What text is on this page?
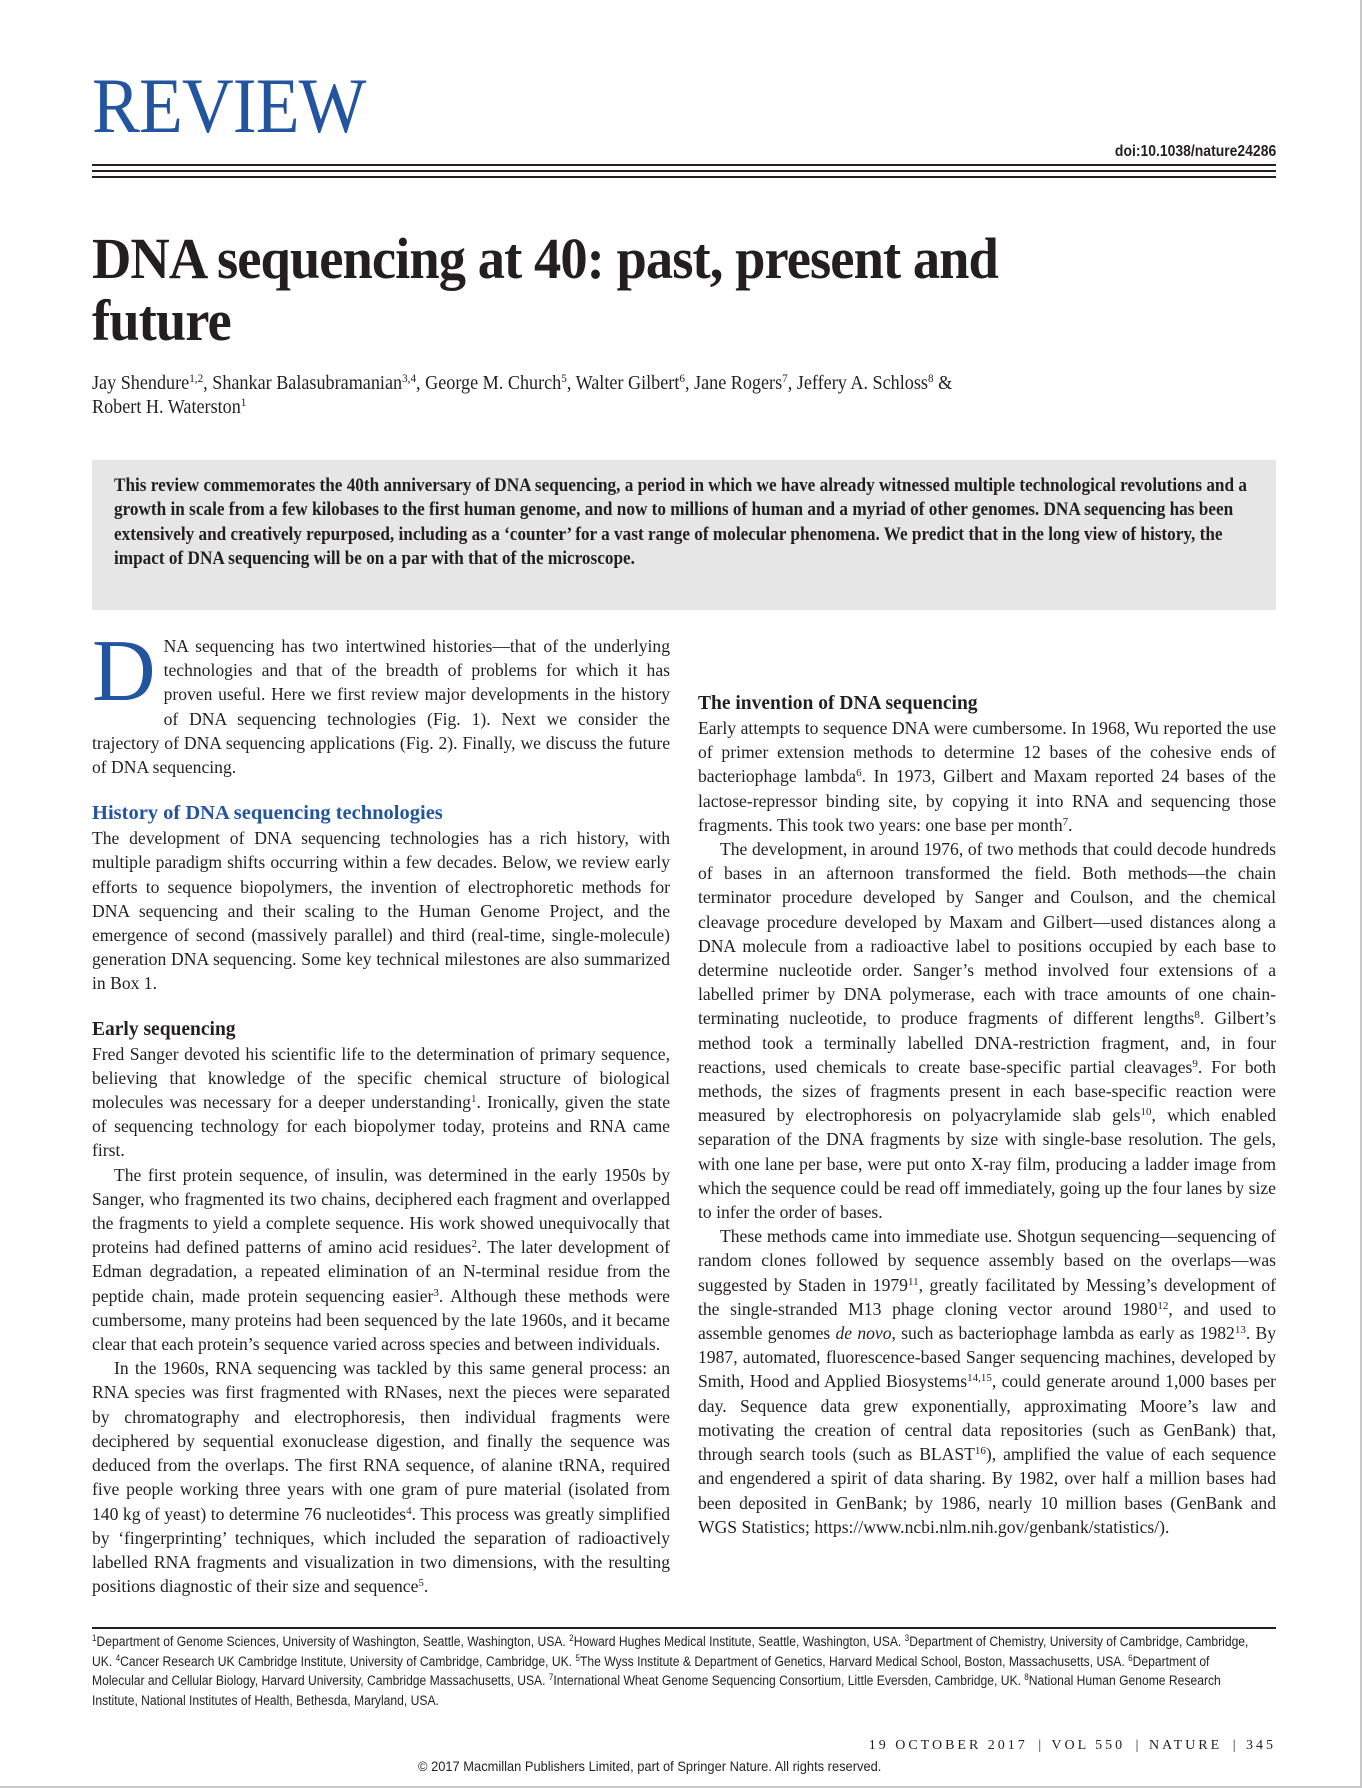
REVIEW
doi:10.1038/nature24286
DNA sequencing at 40: past, present and future
Jay Shendure$^{1,2}$, Shankar Balasubramanian$^{3,4}$, George M. Church$^5$, Walter Gilbert$^6$, Jane Rogers$^7$, Jeffery A. Schloss$^8$ &
Robert H. Waterston$^1$

This review commemorates the 40th anniversary of DNA sequencing, a period in which we have already witnessed multiple technological revolutions and a growth in scale from a few kilobases to the first human genome, and now to millions of human and a myriad of other genomes. DNA sequencing has been extensively and creatively repurposed, including as a ‘counter’ for a vast range of molecular phenomena. We predict that in the long view of history, the impact of DNA sequencing will be on a par with that of the microscope.

DNA sequencing has two intertwined histories—that of the underlying technologies and that of the breadth of problems for which it has proven useful. Here we first review major developments in the history of DNA sequencing technologies (Fig. 1). Next we consider the trajectory of DNA sequencing applications (Fig. 2). Finally, we discuss the future of DNA sequencing.

History of DNA sequencing technologies

The development of DNA sequencing technologies has a rich history, with multiple paradigm shifts occurring within a few decades. Below, we review early efforts to sequence biopolymers, the invention of electrophoretic methods for DNA sequencing and their scaling to the Human Genome Project, and the emergence of second (massively parallel) and third (real-time, single-molecule) generation DNA sequencing. Some key technical milestones are also summarized in Box 1.

Early sequencing

Fred Sanger devoted his scientific life to the determination of primary sequence, believing that knowledge of the specific chemical structure of biological molecules was necessary for a deeper understanding$^1$. Ironically, given the state of sequencing technology for each biopolymer today, proteins and RNA came first.

The first protein sequence, of insulin, was determined in the early 1950s by Sanger, who fragmented its two chains, deciphered each fragment and overlapped the fragments to yield a complete sequence. His work showed unequivocally that proteins had defined patterns of amino acid residues$^2$. The later development of Edman degradation, a repeated elimination of an N-terminal residue from the peptide chain, made protein sequencing easier$^3$. Although these methods were cumbersome, many proteins had been sequenced by the late 1960s, and it became clear that each protein’s sequence varied across species and between individuals.

In the 1960s, RNA sequencing was tackled by this same general process: an RNA species was first fragmented with RNases, next the pieces were separated by chromatography and electrophoresis, then individual fragments were deciphered by sequential exonuclease digestion, and finally the sequence was deduced from the overlaps. The first RNA sequence, of alanine tRNA, required five people working three years with one gram of pure material (isolated from 140 kg of yeast) to determine 76 nucleotides$^4$. This process was greatly simplified by ‘fingerprinting’ techniques, which included the separation of radioactively labelled RNA fragments and visualization in two dimensions, with the resulting positions diagnostic of their size and sequence$^5$.

The invention of DNA sequencing

Early attempts to sequence DNA were cumbersome. In 1968, Wu reported the use of primer extension methods to determine 12 bases of the cohesive ends of bacteriophage lambda$^6$. In 1973, Gilbert and Maxam reported 24 bases of the lactose-repressor binding site, by copying it into RNA and sequencing those fragments. This took two years: one base per month$^7$.

The development, in around 1976, of two methods that could decode hundreds of bases in an afternoon transformed the field. Both methods—the chain terminator procedure developed by Sanger and Coulson, and the chemical cleavage procedure developed by Maxam and Gilbert—used distances along a DNA molecule from a radioactive label to positions occupied by each base to determine nucleotide order. Sanger’s method involved four extensions of a labelled primer by DNA polymerase, each with trace amounts of one chain-terminating nucleotide, to produce fragments of different lengths$^8$. Gilbert’s method took a terminally labelled DNA-restriction fragment, and, in four reactions, used chemicals to create base-specific partial cleavages$^9$. For both methods, the sizes of fragments present in each base-specific reaction were measured by electrophoresis on polyacrylamide slab gels$^{10}$, which enabled separation of the DNA fragments by size with single-base resolution. The gels, with one lane per base, were put onto X-ray film, producing a ladder image from which the sequence could be read off immediately, going up the four lanes by size to infer the order of bases.

These methods came into immediate use. Shotgun sequencing—sequencing of random clones followed by sequence assembly based on the overlaps—was suggested by Staden in 1979$^{11}$, greatly facilitated by Messing’s development of the single-stranded M13 phage cloning vector around 1980$^{12}$, and used to assemble genomes de novo, such as bacteriophage lambda as early as 1982$^{13}$. By 1987, automated, fluorescence-based Sanger sequencing machines, developed by Smith, Hood and Applied Biosystems$^{14,15}$, could generate around 1,000 bases per day. Sequence data grew exponentially, approximating Moore’s law and motivating the creation of central data repositories (such as GenBank) that, through search tools (such as BLAST$^{16}$), amplified the value of each sequence and engendered a spirit of data sharing. By 1982, over half a million bases had been deposited in GenBank; by 1986, nearly 10 million bases (GenBank and WGS Statistics; https://www.ncbi.nlm.nih.gov/genbank/statistics/).

$^1$Department of Genome Sciences, University of Washington, Seattle, Washington, USA. $^2$Howard Hughes Medical Institute, Seattle, Washington, USA. $^3$Department of Chemistry, University of Cambridge, Cambridge, UK. $^4$Cancer Research UK Cambridge Institute, University of Cambridge, Cambridge, UK. $^5$The Wyss Institute & Department of Genetics, Harvard Medical School, Boston, Massachusetts, USA. $^6$Department of Molecular and Cellular Biology, Harvard University, Cambridge Massachusetts, USA. $^7$International Wheat Genome Sequencing Consortium, Little Eversden, Cambridge, UK. $^8$National Human Genome Research Institute, National Institutes of Health, Bethesda, Maryland, USA.
19 OCTOBER 2017 | VOL 550 | NATURE | 345
© 2017 Macmillan Publishers Limited, part of Springer Nature. All rights reserved.
